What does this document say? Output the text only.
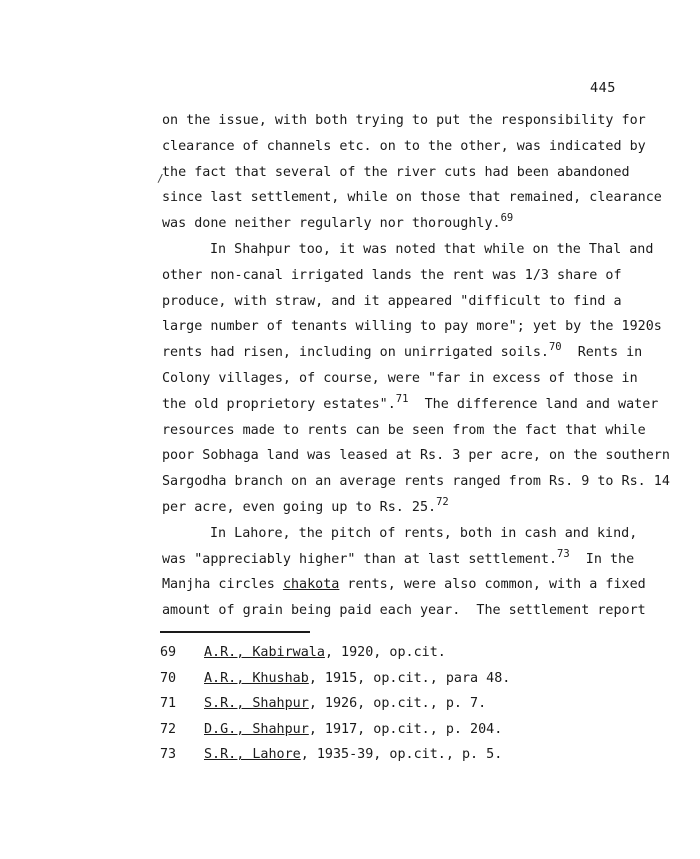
445
/
on the issue, with both trying to put the responsibility for
clearance of channels etc. on to the other, was indicated by
the fact that several of the river cuts had been abandoned
since last settlement, while on those that remained, clearance
was done neither regularly nor thoroughly.$^{69}$
In Shahpur too, it was noted that while on the Thal and
other non-canal irrigated lands the rent was 1/3 share of
produce, with straw, and it appeared "difficult to find a
large number of tenants willing to pay more"; yet by the 1920s
rents had risen, including on unirrigated soils.$^{70}$  Rents in
Colony villages, of course, were "far in excess of those in
the old proprietory estates".$^{71}$  The difference land and water
resources made to rents can be seen from the fact that while
poor Sobhaga land was leased at Rs. 3 per acre, on the southern
Sargodha branch on an average rents ranged from Rs. 9 to Rs. 14
per acre, even going up to Rs. 25.72
In Lahore, the pitch of rents, both in cash and kind,
was "appreciably higher" than at last settlement.$^{73}$  In the
Manjha circles chakota rents, were also common, with a fixed
amount of grain being paid each year.  The settlement report
69	A.R., Kabirwala , 1920, op.cit.
70	A.R., Khushab , 1915, op.cit., para 48.
71	S.R., Shahpur , 1926, op.cit., p. 7.
72	D.G., Shahpur , 1917, op.cit., p. 204.
73	S.R., Lahore , 1935-39, op.cit., p. 5.
